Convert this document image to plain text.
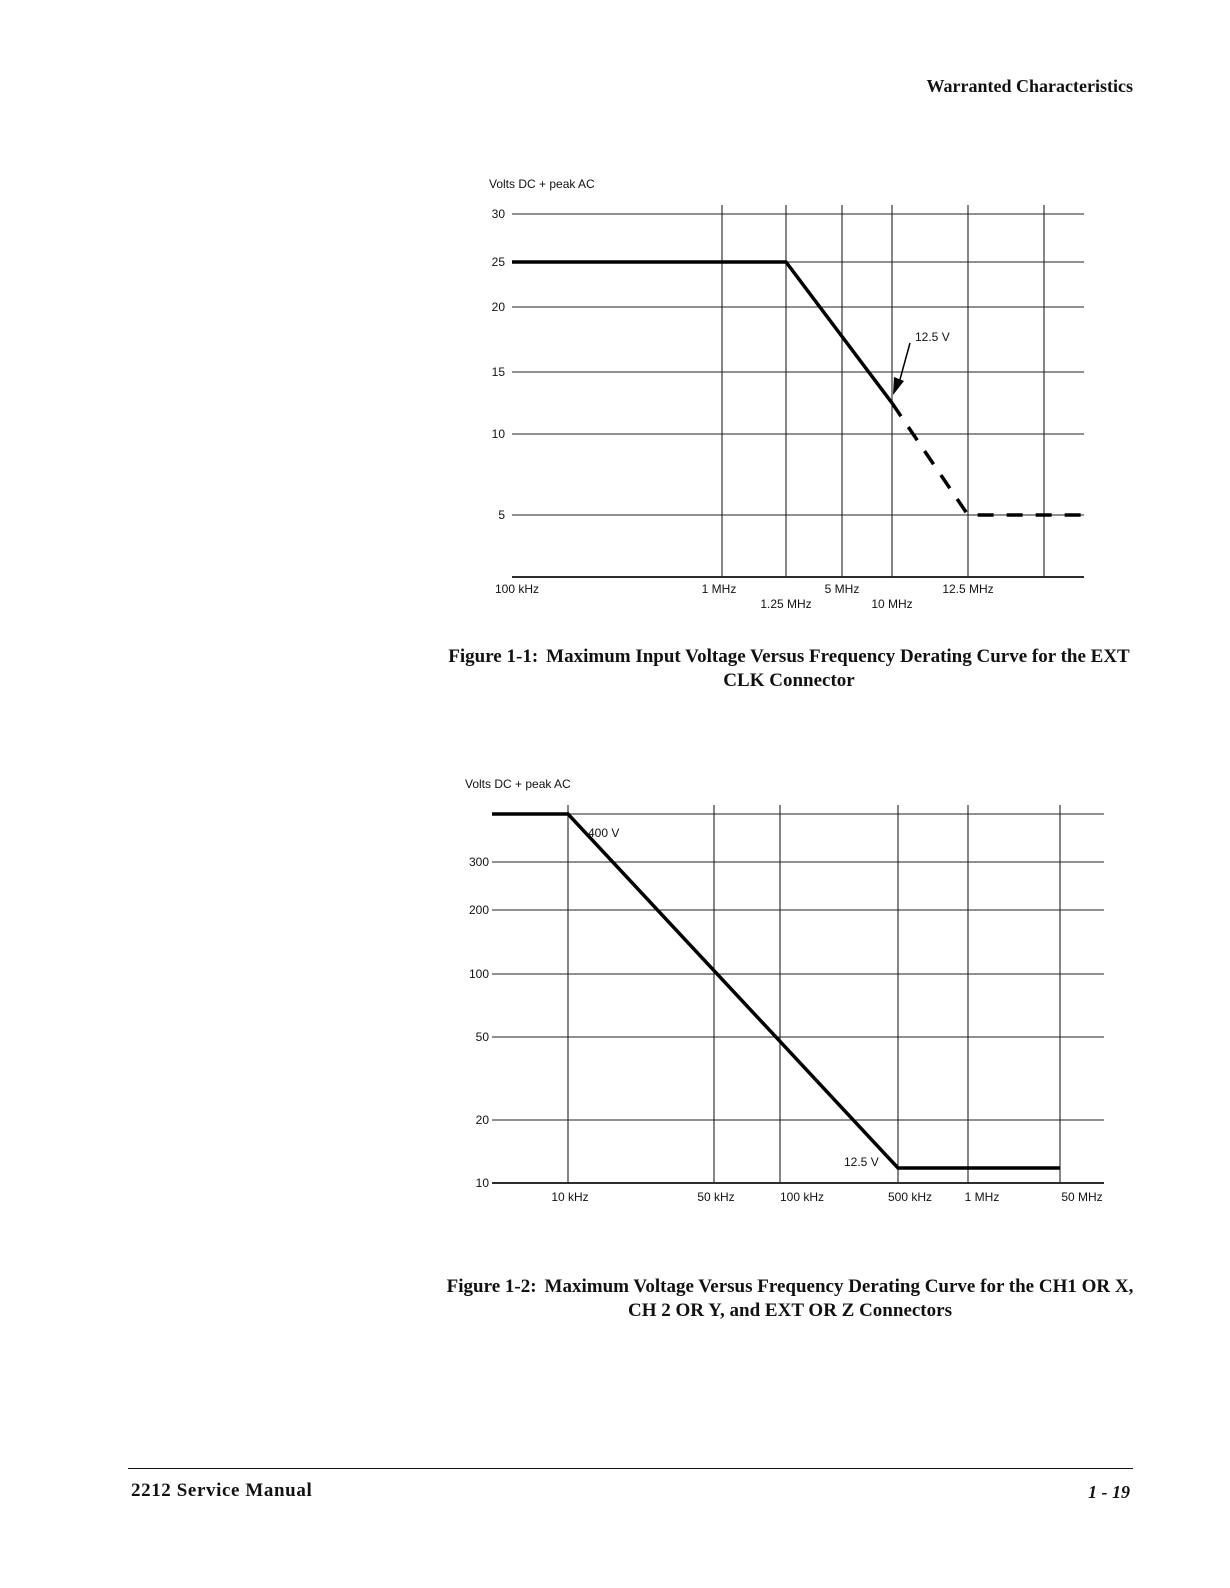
Warranted Characteristics
Volts DC + peak AC
30
25
20
15
10
5
100 kHz	1 MHz
1.25 MHz
5 MHz
10 MHz
12.5 MHz
12.5 V
Figure 1-1: Maximum Input Voltage Versus Frequency Derating Curve for the EXT CLK Connector
Volts DC + peak AC
300
200
100
50
20
10
10 kHz	50 kHz	100 kHz	500 kHz	1 MHz	50 MHz
400 V
12.5 V
Figure 1-2: Maximum Voltage Versus Frequency Derating Curve for the CH1 OR X, CH 2 OR Y, and EXT OR Z Connectors
2212 Service Manual	1 - 19
